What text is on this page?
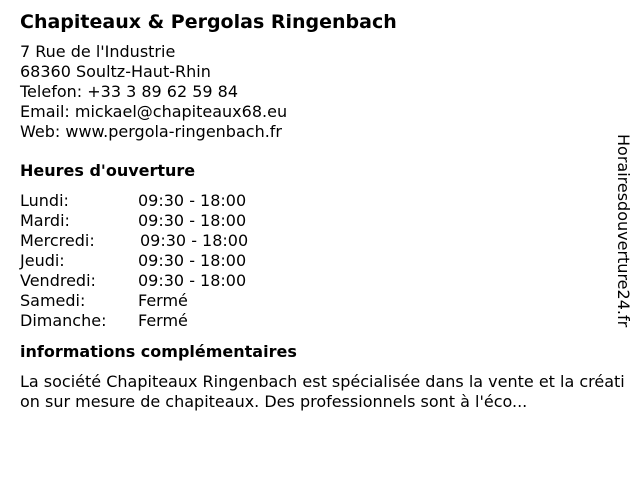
Chapiteaux & Pergolas Ringenbach
7 Rue de l'Industrie
68360 Soultz-Haut-Rhin
Telefon: +33 3 89 62 59 84
Email: mickael@chapiteaux68.eu
Web: www.pergola-ringenbach.fr
Heures d'ouverture
Lundi:	09:30 - 18:00
Mardi:	09:30 - 18:00
Mercredi:	09:30 - 18:00
Jeudi:	09:30 - 18:00
Vendredi:	09:30 - 18:00
Samedi:	Fermé
Dimanche: Fermé
informations complémentaires

La société Chapiteaux Ringenbach est spécialisée dans la vente et la création sur mesure de chapiteaux. Des professionnels sont à l'éco...

Horairesdouverture24.fr
